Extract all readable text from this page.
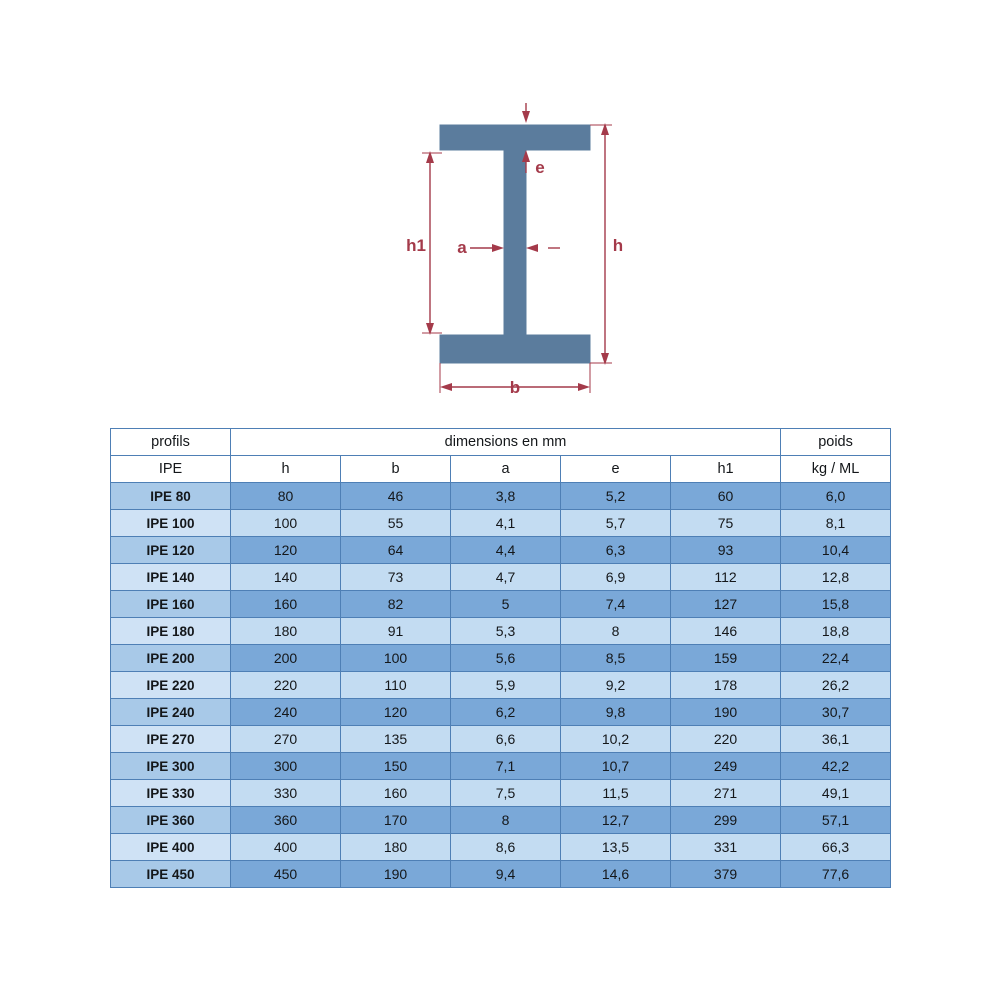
h
h1 a
e
b
profils	dimensions en mm					poids
IPE	h	b	a	e	h1	kg / ML
IPE 80	80	46	3,8	5,2	60	6,0
IPE 100	100	55	4,1	5,7	75	8,1
IPE 120	120	64	4,4	6,3	93	10,4
IPE 140	140	73	4,7	6,9	112	12,8
IPE 160	160	82	5	7,4	127	15,8
IPE 180	180	91	5,3	8	146	18,8
IPE 200	200	100	5,6	8,5	159	22,4
IPE 220	220	110	5,9	9,2	178	26,2
IPE 240	240	120	6,2	9,8	190	30,7
IPE 270	270	135	6,6	10,2	220	36,1
IPE 300	300	150	7,1	10,7	249	42,2
IPE 330	330	160	7,5	11,5	271	49,1
IPE 360	360	170	8	12,7	299	57,1
IPE 400	400	180	8,6	13,5	331	66,3
IPE 450	450	190	9,4	14,6	379	77,6
